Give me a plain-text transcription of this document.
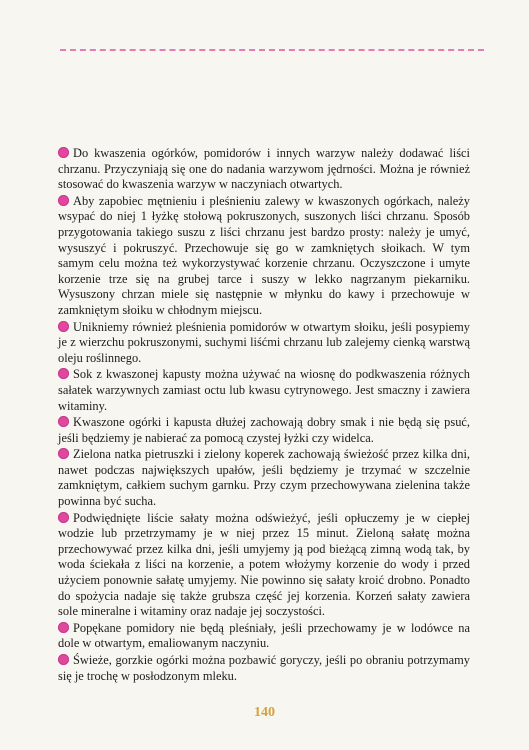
Do kwaszenia ogórków, pomidorów i innych warzyw należy dodawać liści chrzanu. Przyczyniają się one do nadania warzywom jędrności. Można je również stosować do kwaszenia warzyw w naczyniach otwartych.

Aby zapobiec mętnieniu i pleśnieniu zalewy w kwaszonych ogórkach, należy wsypać do niej 1 łyżkę stołową pokruszonych, suszonych liści chrzanu. Sposób przygotowania takiego suszu z liści chrzanu jest bardzo prosty: należy je umyć, wysuszyć i pokruszyć. Przechowuje się go w zamkniętych słoikach. W tym samym celu można też wykorzystywać korzenie chrzanu. Oczyszczone i umyte korzenie trze się na grubej tarce i suszy w lekko nagrzanym piekarniku. Wysuszony chrzan miele się następnie w młynku do kawy i przechowuje w zamkniętym słoiku w chłodnym miejscu.

Unikniemy również pleśnienia pomidorów w otwartym słoiku, jeśli posypiemy je z wierzchu pokruszonymi, suchymi liśćmi chrzanu lub zalejemy cienką warstwą oleju roślinnego.

Sok z kwaszonej kapusty można używać na wiosnę do podkwaszenia różnych sałatek warzywnych zamiast octu lub kwasu cytrynowego. Jest smaczny i zawiera witaminy.

Kwaszone ogórki i kapusta dłużej zachowają dobry smak i nie będą się psuć, jeśli będziemy je nabierać za pomocą czystej łyżki czy widelca.

Zielona natka pietruszki i zielony koperek zachowają świeżość przez kilka dni, nawet podczas największych upałów, jeśli będziemy je trzymać w szczelnie zamkniętym, całkiem suchym garnku. Przy czym przechowywana zielenina także powinna być sucha.

Podwiędnięte liście sałaty można odświeżyć, jeśli opłuczemy je w ciepłej wodzie lub przetrzymamy je w niej przez 15 minut. Zieloną sałatę można przechowywać przez kilka dni, jeśli umyjemy ją pod bieżącą zimną wodą tak, by woda ściekała z liści na korzenie, a potem włożymy korzenie do wody i przed użyciem ponownie sałatę umyjemy. Nie powinno się sałaty kroić drobno. Ponadto do spożycia nadaje się także grubsza część jej korzenia. Korzeń sałaty zawiera sole mineralne i witaminy oraz nadaje jej soczystości.

Popękane pomidory nie będą pleśniały, jeśli przechowamy je w lodówce na dole w otwartym, emaliowanym naczyniu.

Świeże, gorzkie ogórki można pozbawić goryczy, jeśli po obraniu potrzymamy się je trochę w posłodzonym mleku.

140
